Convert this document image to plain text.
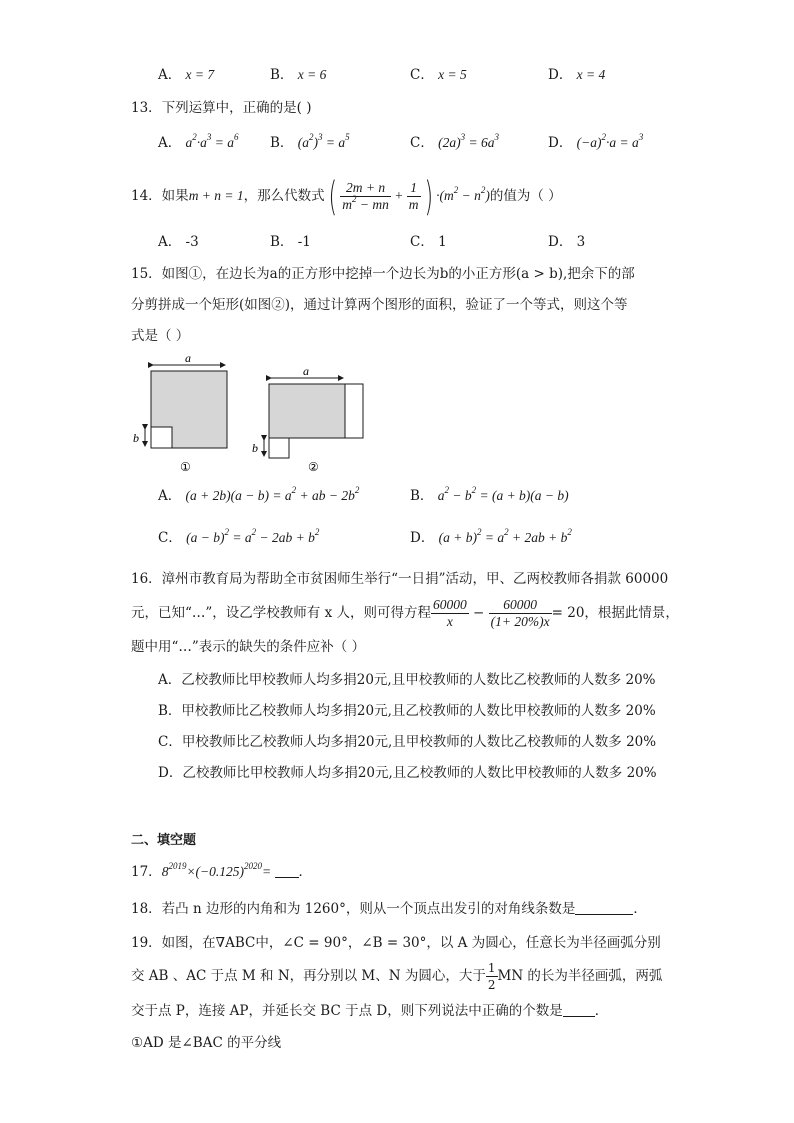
A． x = 7	B． x = 6	C． x = 5	D． x = 4
13．下列运算中，正确的是( )
A． $a^2\cdot a^3 = a^6$ B． $(a^2)^3 = a^5$	C． $(2a)^3 = 6a^3$	D． $(-a)^2\cdot a = a^3$
14．如果m + n = 1，那么代数式( $\frac{2m + n}{m^2 - mn} + \frac{1}{m}$ ) $\cdot(m^2 - n^2)$的值为（ ）
A． -3	B． -1	C． 1	D． 3
15．如图①，在边长为a的正方形中挖掉一个边长为b的小正方形(a > b),把余下的部
分剪拼成一个矩形(如图②)，通过计算两个图形的面积，验证了一个等式，则这个等
式是（ ）
a
b
①
a
b
②
A． $(a + 2b)(a - b) = a^2$ + ab − $2b^2$	B． $a^2 - b^2 = (a + b)(a - b)$
C． $(a - b)^2 = a^2 - 2ab + b^2$	D． $(a + b)^2 = a^2 + 2ab + b^2$
16．漳州市教育局为帮助全市贫困师生举行“一日捐”活动，甲、乙两校教师各捐款 60000
元，已知“…”，设乙学校教师有 x 人，则可得方程 $\frac{60000}{x} - \frac{60000}{(1+ 20\%)x} = 20$，根据此情景，
题中用“…”表示的缺失的条件应补（ ）
A．乙校教师比甲校教师人均多捐20元,且甲校教师的人数比乙校教师的人数多 20%
B．甲校教师比乙校教师人均多捐20元,且乙校教师的人数比甲校教师的人数多 20%
C．甲校教师比乙校教师人均多捐20元,且甲校教师的人数比乙校教师的人数多 20%
D．乙校教师比甲校教师人均多捐20元,且乙校教师的人数比甲校教师的人数多 20%
二、填空题
17．$8^{2019}\times(-0.125)^{2020}=$ ．
18．若凸 n 边形的内角和为 1260°，则从一个顶点出发引的对角线条数是	．
19．如图，在∇ABC中，∠C = 90°，∠B = 30°，以 A 为圆心，任意长为半径画弧分别
交 AB 、AC 于点 M 和 N，再分别以 M、N 为圆心，大于 $\frac{1}{2}$ MN 的长为半径画弧，两弧
交于点 P，连接 AP，并延长交 BC 于点 D，则下列说法中正确的个数是 ．
①AD 是∠BAC 的平分线
